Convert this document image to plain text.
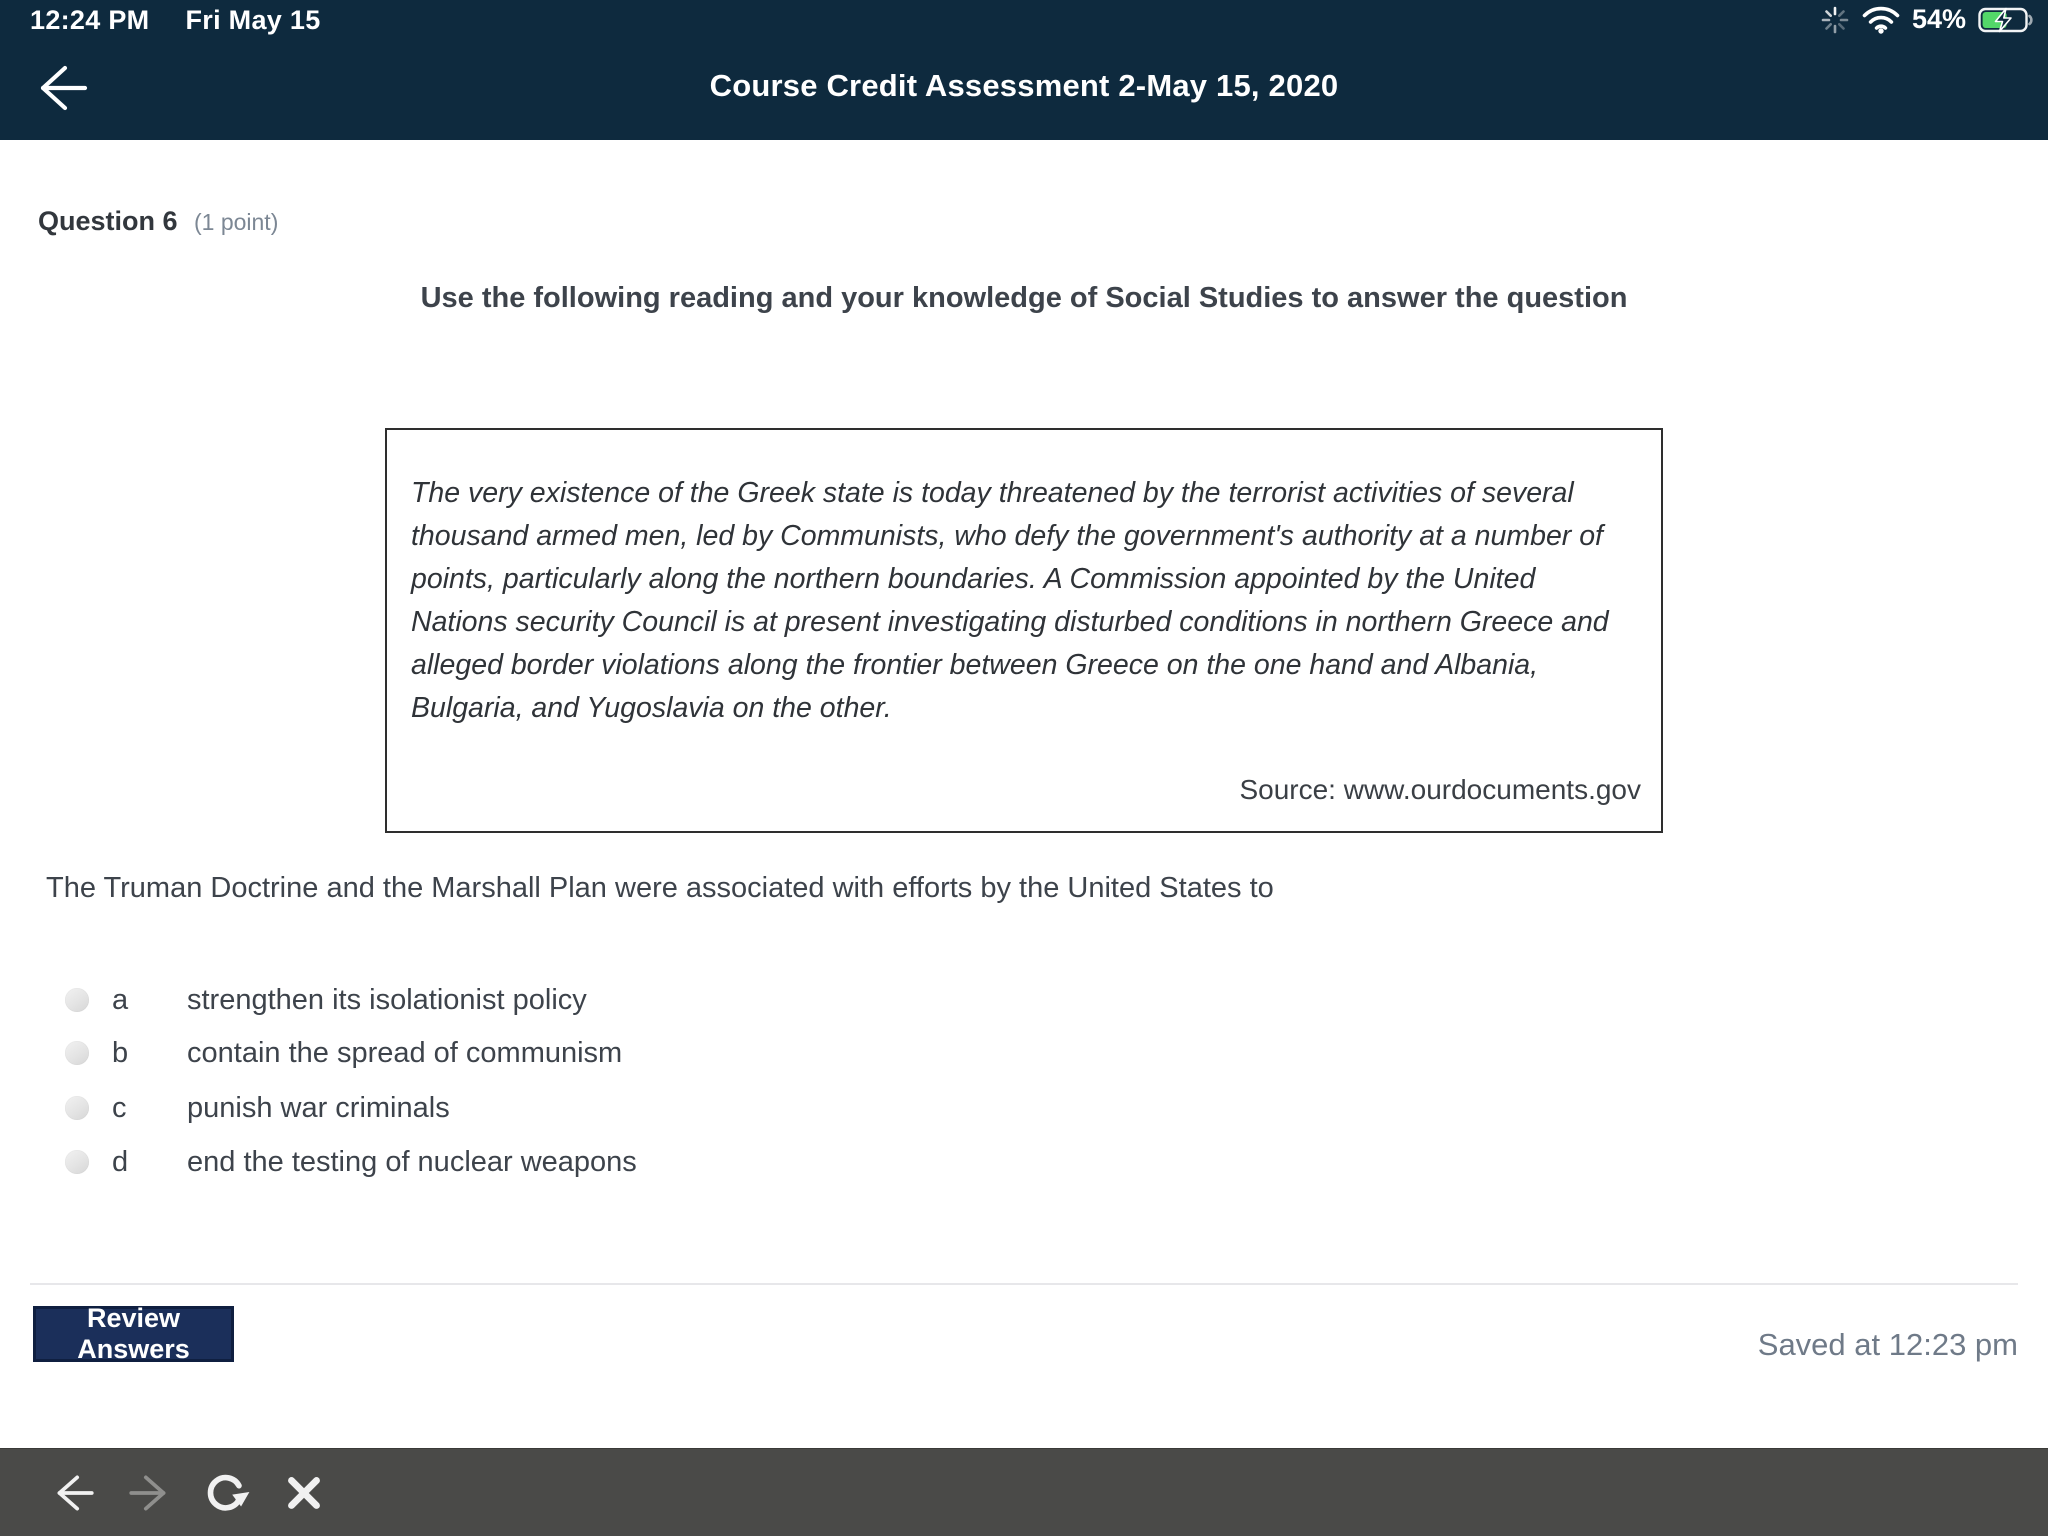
12:24 PM Fri May 15	54%
Course Credit Assessment 2-May 15, 2020
Question 6 (1 point)
Use the following reading and your knowledge of Social Studies to answer the question
The very existence of the Greek state is today threatened by the terrorist activities of several thousand armed men, led by Communists, who defy the government's authority at a number of points, particularly along the northern boundaries. A Commission appointed by the United Nations security Council is at present investigating disturbed conditions in northern Greece and alleged border violations along the frontier between Greece on the one hand and Albania, Bulgaria, and Yugoslavia on the other.
Source: www.ourdocuments.gov
The Truman Doctrine and the Marshall Plan were associated with efforts by the United States to
a	strengthen its isolationist policy
b	contain the spread of communism
c	punish war criminals
d	end the testing of nuclear weapons
Review Answers	Saved at 12:23 pm
